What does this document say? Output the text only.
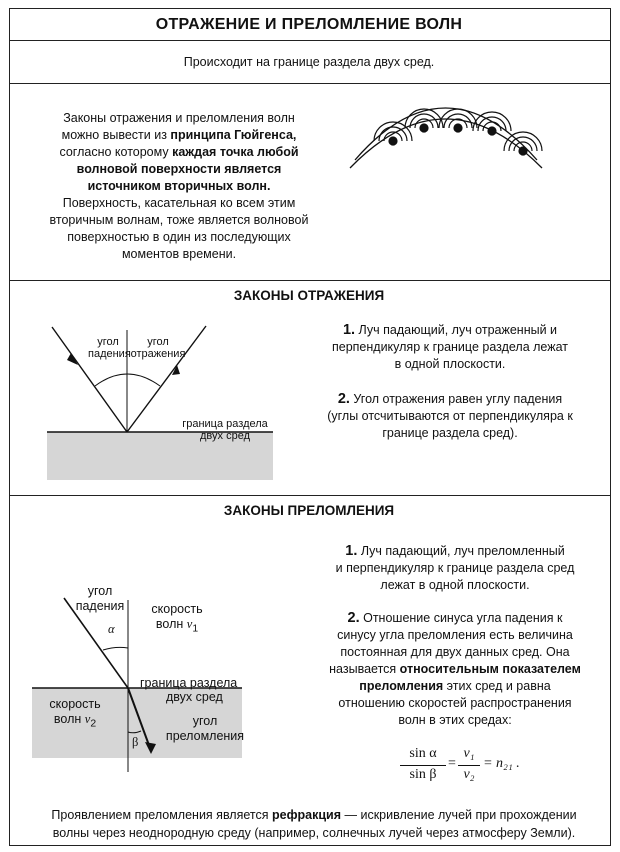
ОТРАЖЕНИЕ И ПРЕЛОМЛЕНИЕ ВОЛН
Происходит на границе раздела двух сред.
Законы отражения и преломления волн
можно вывести из принципа Гюйгенса,
согласно которому каждая точка любой
волновой поверхности является
источником вторичных волн.
Поверхность, касательная ко всем этим
вторичным волнам, тоже является волновой
поверхностью в один из последующих
моментов времени.
ЗАКОНЫ ОТРАЖЕНИЯ
угол
падения
угол
отражения
граница раздела
двух сред
1. Луч падающий, луч отраженный и
перпендикуляр к границе раздела лежат
в одной плоскости.
2. Угол отражения равен углу падения
(углы отсчитываются от перпендикуляра к
границе раздела сред).
ЗАКОНЫ ПРЕЛОМЛЕНИЯ
угол
падения
α
скорость
волн $v_1$
граница раздела
двух сред
скорость
волн $v_2$	угол
преломления
β
1. Луч падающий, луч преломленный
и перпендикуляр к границе раздела сред
лежат в одной плоскости.
2. Отношение синуса угла падения к
синусу угла преломления есть величина
постоянная для двух данных сред. Она
называется относительным показателем
преломления этих сред и равна
отношению скоростей распространения
волн в этих средах:
sin α
sin β
=
v₁
v₂
= n₂₁ .
Проявлением преломления является рефракция — искривление лучей при прохождении
волны через неоднородную среду (например, солнечных лучей через атмосферу Земли).
